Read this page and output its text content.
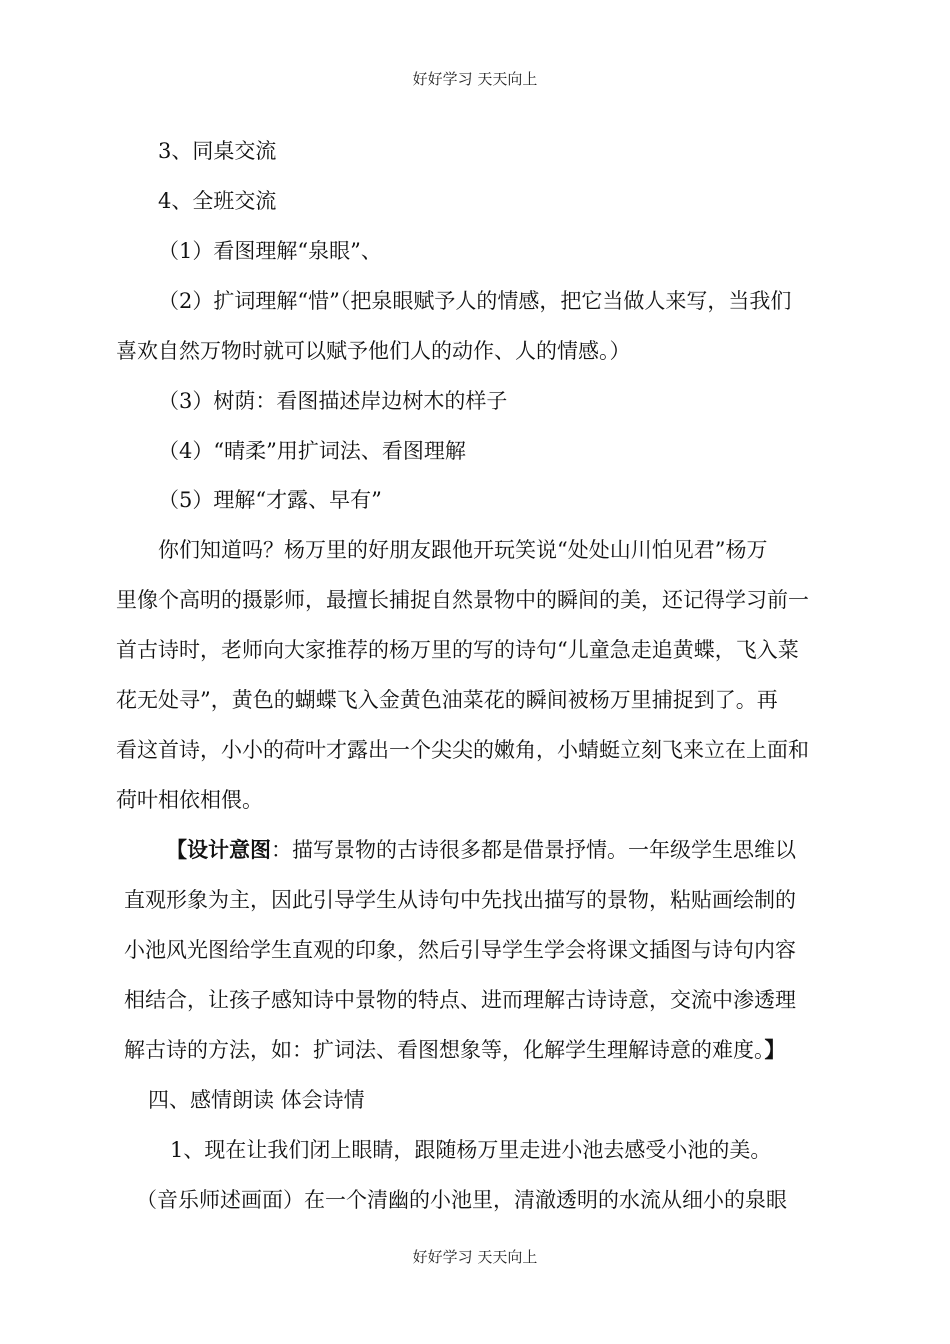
好好学习 天天向上
3、同桌交流
4、全班交流
（1）看图理解“泉眼”、
（2）扩词理解“惜”（把泉眼赋予人的情感，把它当做人来写，当我们
喜欢自然万物时就可以赋予他们人的动作、人的情感。）
（3）树荫：看图描述岸边树木的样子
（4）“晴柔”用扩词法、看图理解
（5）理解“才露、早有”
你们知道吗？杨万里的好朋友跟他开玩笑说“处处山川怕见君”杨万
里像个高明的摄影师，最擅长捕捉自然景物中的瞬间的美，还记得学习前一
首古诗时，老师向大家推荐的杨万里的写的诗句“儿童急走追黄蝶，飞入菜
花无处寻”，黄色的蝴蝶飞入金黄色油菜花的瞬间被杨万里捕捉到了。再
看这首诗，小小的荷叶才露出一个尖尖的嫩角，小蜻蜓立刻飞来立在上面和
荷叶相依相偎。
【设计意图：描写景物的古诗很多都是借景抒情。一年级学生思维以
直观形象为主，因此引导学生从诗句中先找出描写的景物，粘贴画绘制的
小池风光图给学生直观的印象，然后引导学生学会将课文插图与诗句内容
相结合，让孩子感知诗中景物的特点、进而理解古诗诗意，交流中渗透理
解古诗的方法，如：扩词法、看图想象等，化解学生理解诗意的难度。】
四、感情朗读 体会诗情
1、现在让我们闭上眼睛，跟随杨万里走进小池去感受小池的美。
（音乐师述画面）在一个清幽的小池里，清澈透明的水流从细小的泉眼
好好学习 天天向上
